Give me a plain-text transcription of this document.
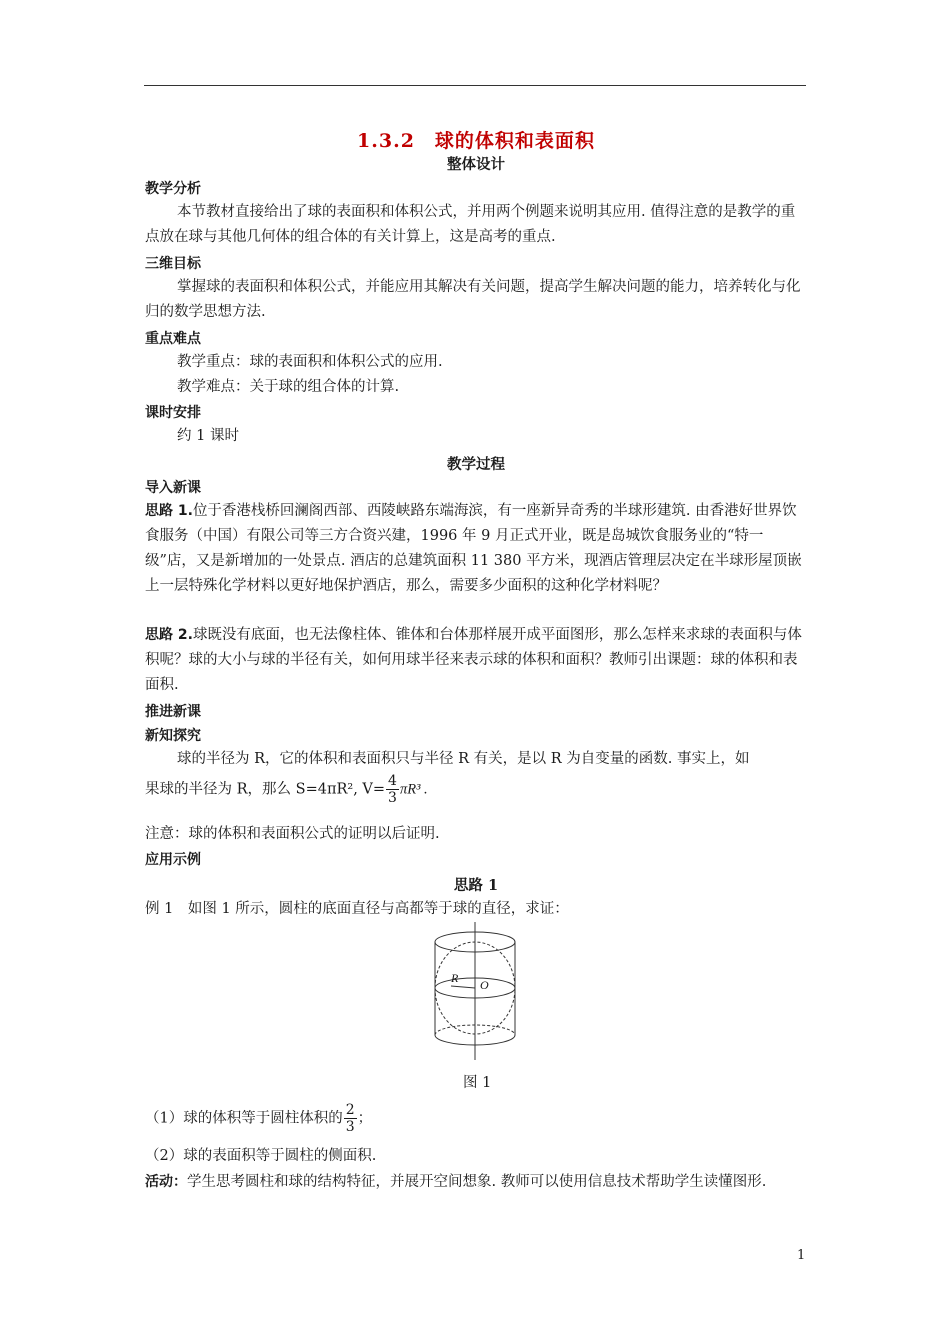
1.3.2　球的体积和表面积
整体设计
教学分析
本节教材直接给出了球的表面积和体积公式，并用两个例题来说明其应用. 值得注意的是教学的重点放在球与其他几何体的组合体的有关计算上，这是高考的重点.
三维目标
掌握球的表面积和体积公式，并能应用其解决有关问题，提高学生解决问题的能力，培养转化与化归的数学思想方法.
重点难点
教学重点：球的表面积和体积公式的应用.
教学难点：关于球的组合体的计算.
课时安排
约 1 课时
教学过程
导入新课
思路 1.位于香港栈桥回澜阁西部、西陵峡路东端海滨，有一座新异奇秀的半球形建筑. 由香港好世界饮食服务（中国）有限公司等三方合资兴建，1996 年 9 月正式开业，既是岛城饮食服务业的“特一级”店，又是新增加的一处景点. 酒店的总建筑面积 11 380 平方米，现酒店管理层决定在半球形屋顶嵌上一层特殊化学材料以更好地保护酒店，那么，需要多少面积的这种化学材料呢？
思路 2.球既没有底面，也无法像柱体、锥体和台体那样展开成平面图形，那么怎样来求球的表面积与体积呢？球的大小与球的半径有关，如何用球半径来表示球的体积和面积？教师引出课题：球的体积和表面积.
推进新课
新知探究
球的半径为 R，它的体积和表面积只与半径 R 有关，是以 R 为自变量的函数. 事实上，如
果球的半径为 R，那么 S=4πR², $V= \frac{4}{3} \pi R^3$ .
注意：球的体积和表面积公式的证明以后证明.
应用示例
思路 1
例 1　如图 1 所示，圆柱的底面直径与高都等于球的直径，求证：
R O
图 1
（1）球的体积等于圆柱体积的 $\frac{2}{3}$ ；
（2）球的表面积等于圆柱的侧面积.
活动：学生思考圆柱和球的结构特征，并展开空间想象. 教师可以使用信息技术帮助学生读懂图形.
1
